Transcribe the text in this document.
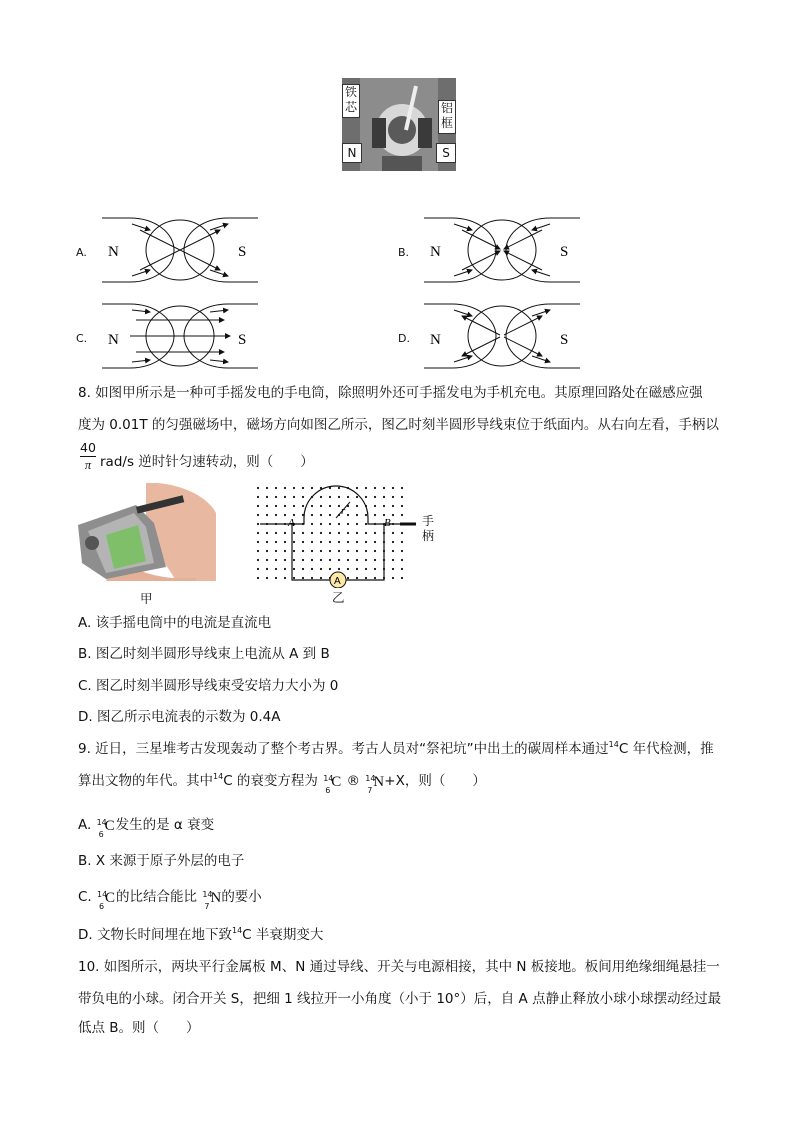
铁芯	铝框
N	S
A. N	S	B. N	S
C. N	S	D. N	S
8. 如图甲所示是一种可手摇发电的手电筒，除照明外还可手摇发电为手机充电。其原理回路处在磁感应强
度为 0.01T 的匀强磁场中，磁场方向如图乙所示，图乙时刻半圆形导线束位于纸面内。从右向左看，手柄以
$\frac{40}{\pi} rad/s$ 逆时针匀速转动，则（　　）
甲
A
A	B
r
手柄
乙
A. 该手摇电筒中的电流是直流电
B. 图乙时刻半圆形导线束上电流从 A 到 B
C. 图乙时刻半圆形导线束受安培力大小为 0
D. 图乙所示电流表的示数为 0.4A
9. 近日，三星堆考古发现轰动了整个考古界。考古人员对“祭祀坑”中出土的碳周样本通过$^{14}$C 年代检测，推
算出文物的年代。其中$^{14}$C 的衰变方程为 14
6
C ® 14
7
N +X，则（　　）
A. 14
6
C 发生的是 α 衰变
B. X 来源于原子外层的电子
C. 14
6
C 的比结合能比 14
7
N 的要小
D. 文物长时间埋在地下致$^{14}$C 半衰期变大
10. 如图所示，两块平行金属板 M、N 通过导线、开关与电源相接，其中 N 板接地。板间用绝缘细绳悬挂一
带负电的小球。闭合开关 S，把细 1 线拉开一小角度（小于 10°）后，自 A 点静止释放小球小球摆动经过最
低点 B。则（　　）
